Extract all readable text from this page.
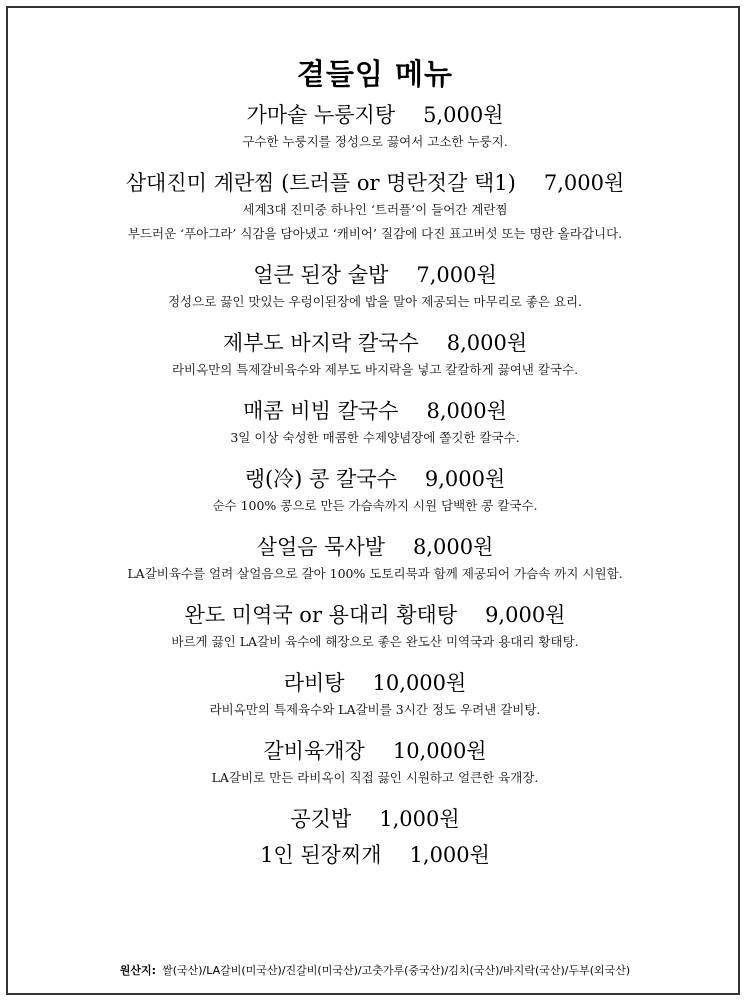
곁들임 메뉴
가마솥 누룽지탕 5,000원
구수한 누룽지를 정성으로 끓여서 고소한 누룽지.
삼대진미 계란찜 (트러플 or 명란젓갈 택1) 7,000원
세계3대 진미중 하나인 ‘트러플’이 들어간 계란찜
부드러운 ‘푸아그라’ 식감을 담아냈고 ‘캐비어’ 질감에 다진 표고버섯 또는 명란 올라갑니다.
얼큰 된장 술밥 7,000원
정성으로 끓인 맛있는 우렁이된장에 밥을 말아 제공되는 마무리로 좋은 요리.
제부도 바지락 칼국수 8,000원
라비옥만의 특제갈비육수와 제부도 바지락을 넣고 칼칼하게 끓여낸 칼국수.
매콤 비빔 칼국수 8,000원
3일 이상 숙성한 매콤한 수제양념장에 쫄깃한 칼국수.
랭(冷) 콩 칼국수 9,000원
순수 100% 콩으로 만든 가슴속까지 시원 담백한 콩 칼국수.
살얼음 묵사발 8,000원
LA갈비육수를 얼려 살얼음으로 갈아 100% 도토리묵과 함께 제공되어 가슴속 까지 시원함.
완도 미역국 or 용대리 황태탕 9,000원
바르게 끓인 LA갈비 육수에 해장으로 좋은 완도산 미역국과 용대리 황태탕.
라비탕 10,000원
라비옥만의 특제육수와 LA갈비를 3시간 정도 우려낸 갈비탕.
갈비육개장 10,000원
LA갈비로 만든 라비옥이 직접 끓인 시원하고 얼큰한 육개장.
공깃밥 1,000원
1인 된장찌개 1,000원
원산지: 쌀(국산)/LA갈비(미국산)/진갈비(미국산)/고춧가루(중국산)/김치(국산)/바지락(국산)/두부(외국산)
